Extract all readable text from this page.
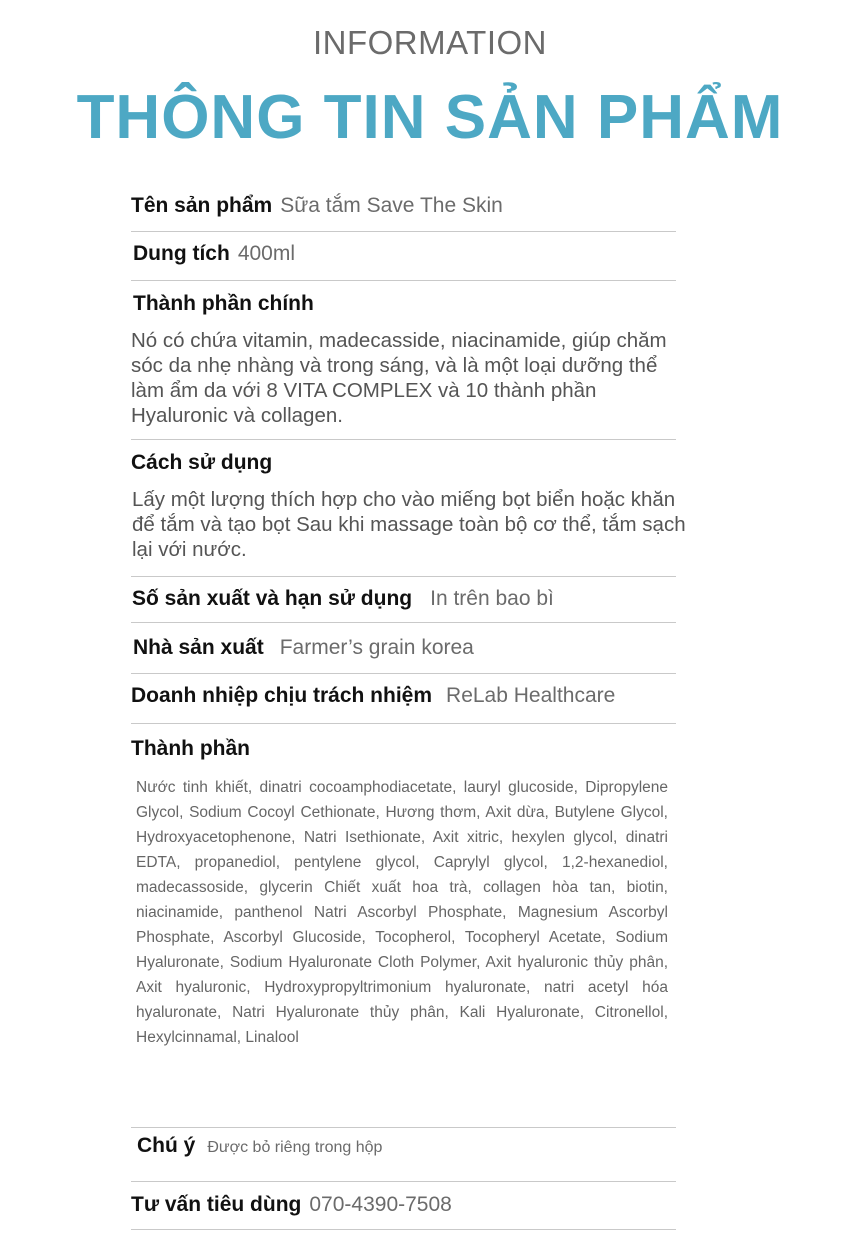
INFORMATION
THÔNG TIN SẢN PHẨM
Tên sản phẩm Sữa tắm Save The Skin
Dung tích 400ml
Thành phần chính
Nó có chứa vitamin, madecasside, niacinamide, giúp chăm sóc da nhẹ nhàng và trong sáng, và là một loại dưỡng thể làm ẩm da với 8 VITA COMPLEX và 10 thành phần Hyaluronic và collagen.
Cách sử dụng
Lấy một lượng thích hợp cho vào miếng bọt biển hoặc khăn để tắm và tạo bọt Sau khi massage toàn bộ cơ thể, tắm sạch lại với nước.
Số sản xuất và hạn sử dụng In trên bao bì
Nhà sản xuất Farmer’s grain korea
Doanh nhiệp chịu trách nhiệm ReLab Healthcare
Thành phần
Nước tinh khiết, dinatri cocoamphodiacetate, lauryl glucoside, Dipropylene Glycol, Sodium Cocoyl Cethionate, Hương thơm, Axit dừa, Butylene Glycol, Hydroxyacetophenone, Natri Isethionate, Axit xitric, hexylen glycol, dinatri EDTA, propanediol, pentylene glycol, Caprylyl glycol, 1,2-hexanediol, madecassoside, glycerin Chiết xuất hoa trà, collagen hòa tan, biotin, niacinamide, panthenol Natri Ascorbyl Phosphate, Magnesium Ascorbyl Phosphate, Ascorbyl Glucoside, Tocopherol, Tocopheryl Acetate, Sodium Hyaluronate, Sodium Hyaluronate Cloth Polymer, Axit hyaluronic thủy phân, Axit hyaluronic, Hydroxypropyltrimonium hyaluronate, natri acetyl hóa hyaluronate, Natri Hyaluronate thủy phân, Kali Hyaluronate, Citronellol, Hexylcinnamal, Linalool
Chú ý Được bỏ riêng trong hộp
Tư vấn tiêu dùng 070-4390-7508
